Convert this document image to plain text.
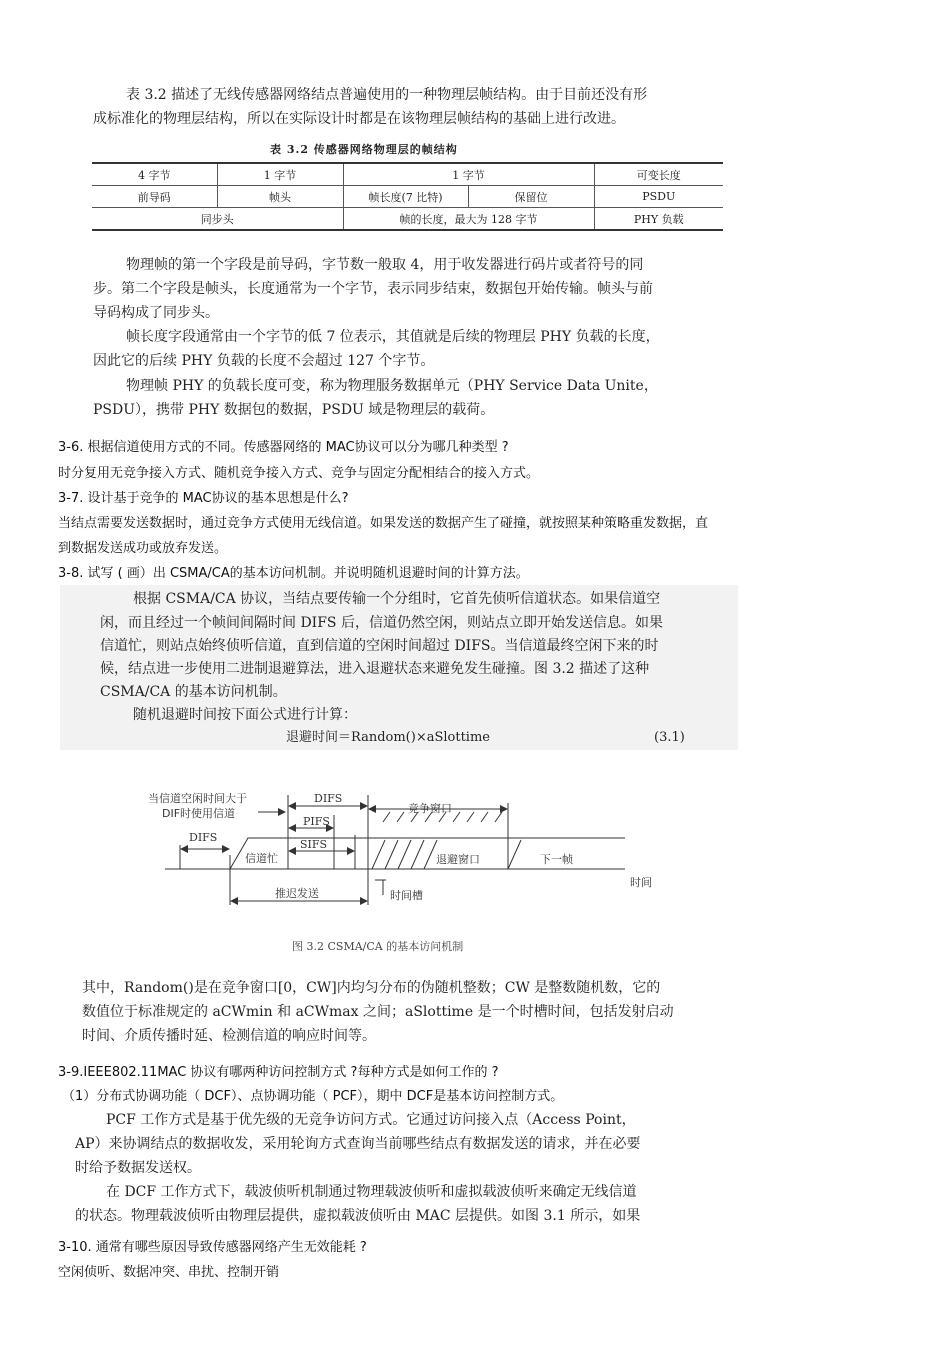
表 3.2 描述了无线传感器网络结点普遍使用的一种物理层帧结构。由于目前还没有形
成标准化的物理层结构，所以在实际设计时都是在该物理层帧结构的基础上进行改进。
表 3.2 传感器网络物理层的帧结构
4 字节	1 字节	1 字节		可变长度
前导码	帧头	帧长度(7 比特)	保留位	PSDU
同步头		帧的长度，最大为 128 字节		PHY 负载
物理帧的第一个字段是前导码，字节数一般取 4，用于收发器进行码片或者符号的同
步。第二个字段是帧头，长度通常为一个字节，表示同步结束，数据包开始传输。帧头与前
导码构成了同步头。
帧长度字段通常由一个字节的低 7 位表示，其值就是后续的物理层 PHY 负载的长度，
因此它的后续 PHY 负载的长度不会超过 127 个字节。
物理帧 PHY 的负载长度可变，称为物理服务数据单元（PHY Service Data Unite，
PSDU），携带 PHY 数据包的数据，PSDU 域是物理层的载荷。
3-6. 根据信道使用方式的不同。传感器网络的 MAC协议可以分为哪几种类型 ?
时分复用无竞争接入方式、随机竞争接入方式、竞争与固定分配相结合的接入方式。
3-7. 设计基于竞争的 MAC协议的基本思想是什么?
当结点需要发送数据时，通过竞争方式使用无线信道。如果发送的数据产生了碰撞，就按照某种策略重发数据，直
到数据发送成功或放弃发送。
3-8. 试写 ( 画）出 CSMA/CA的基本访问机制。并说明随机退避时间的计算方法。
根据 CSMA/CA 协议，当结点要传输一个分组时，它首先侦听信道状态。如果信道空
闲，而且经过一个帧间间隔时间 DIFS 后，信道仍然空闲，则站点立即开始发送信息。如果
信道忙，则站点始终侦听信道，直到信道的空闲时间超过 DIFS。当信道最终空闲下来的时
候，结点进一步使用二进制退避算法，进入退避状态来避免发生碰撞。图 3.2 描述了这种
CSMA/CA 的基本访问机制。
随机退避时间按下面公式进行计算：
退避时间＝Random()×aSlottime	(3.1)
当信道空闲时间大于
DIF时使用信道
DIFS
DIFS
PIFS
SIFS
信道忙
竞争窗口
退避窗口	下一帧
时间
推迟发送	时间槽
图 3.2 CSMA/CA 的基本访问机制
其中，Random()是在竞争窗口[0，CW]内均匀分布的伪随机整数；CW 是整数随机数，它的
数值位于标准规定的 aCWmin 和 aCWmax 之间；aSlottime 是一个时槽时间，包括发射启动
时间、介质传播时延、检测信道的响应时间等。
3-9.IEEE802.11MAC 协议有哪两种访问控制方式 ?每种方式是如何工作的 ?
（1）分布式协调功能（ DCF）、点协调功能（ PCF），期中 DCF是基本访问控制方式。
PCF 工作方式是基于优先级的无竞争访问方式。它通过访问接入点（Access Point，
AP）来协调结点的数据收发，采用轮询方式查询当前哪些结点有数据发送的请求，并在必要
时给予数据发送权。
在 DCF 工作方式下，载波侦听机制通过物理载波侦听和虚拟载波侦听来确定无线信道
的状态。物理载波侦听由物理层提供，虚拟载波侦听由 MAC 层提供。如图 3.1 所示，如果
3-10. 通常有哪些原因导致传感器网络产生无效能耗 ?
空闲侦听、数据冲突、串扰、控制开销
